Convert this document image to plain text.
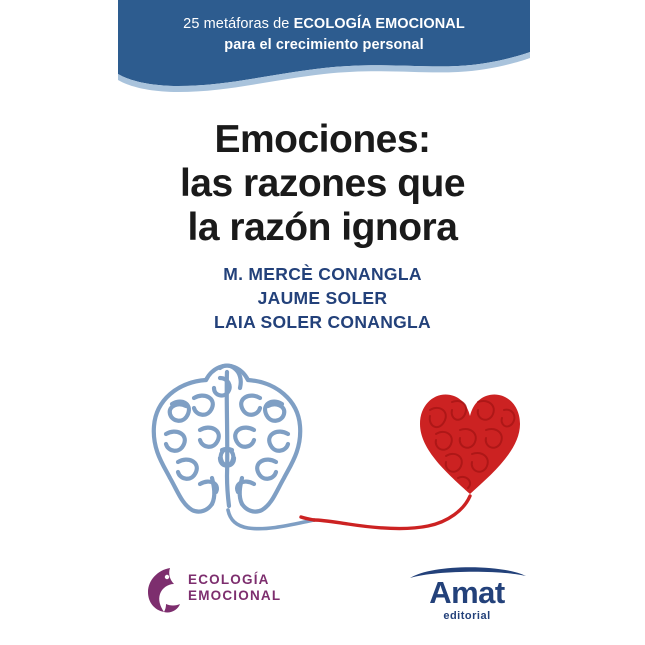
25 metáforas de ECOLOGÍA EMOCIONAL
para el crecimiento personal
Emociones:
las razones que
la razón ignora
M. MERCÈ CONANGLA
JAUME SOLER
LAIA SOLER CONANGLA
ECOLOGÍA
EMOCIONAL	Amat
editorial
